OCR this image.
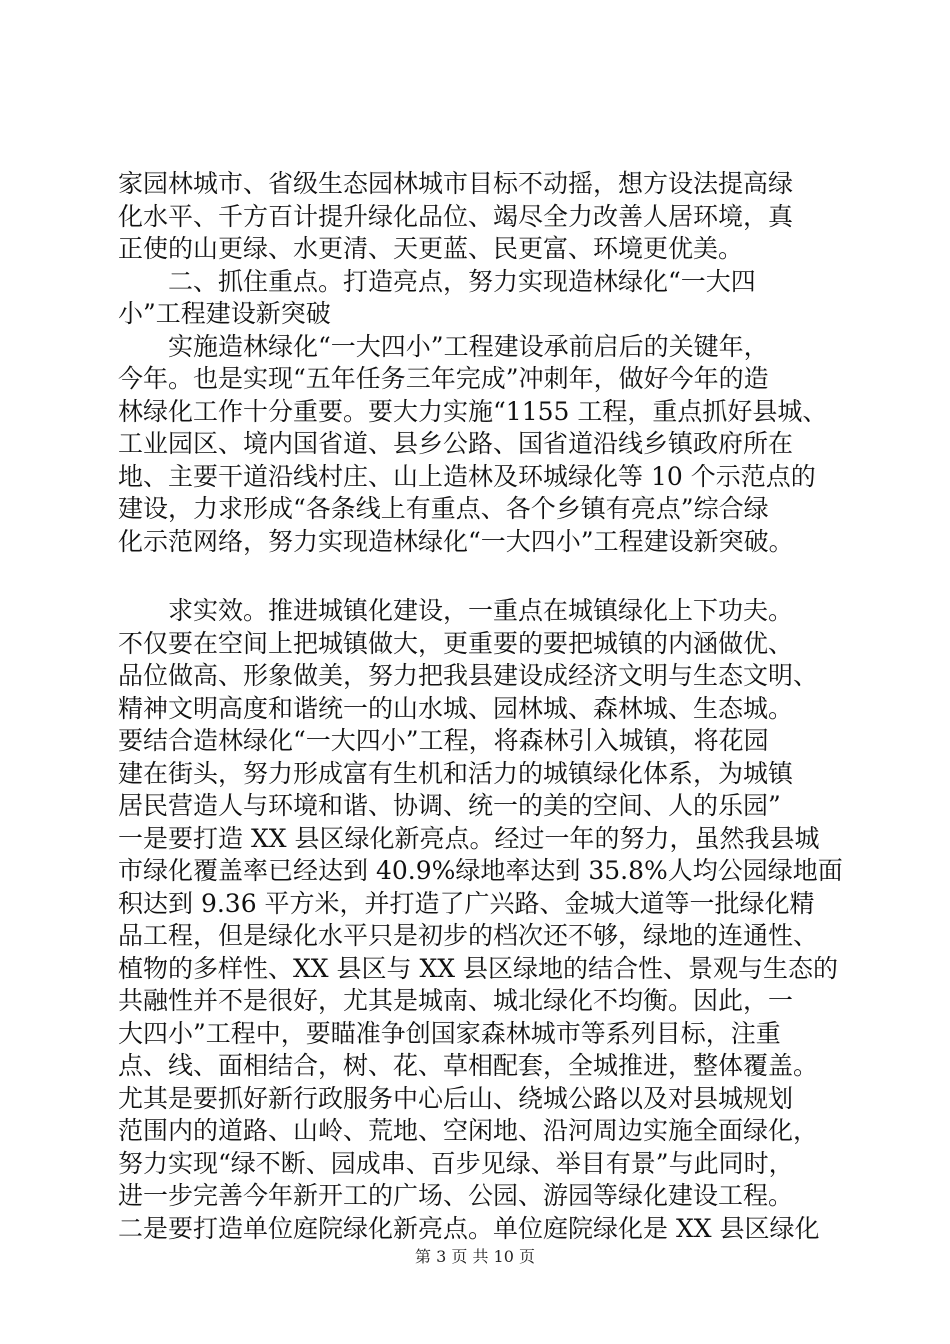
家园林城市、省级生态园林城市目标不动摇，想方设法提高绿
化水平、千方百计提升绿化品位、竭尽全力改善人居环境，真
正使的山更绿、水更清、天更蓝、民更富、环境更优美。
　　二、抓住重点。打造亮点，努力实现造林绿化“一大四
小”工程建设新突破
　　实施造林绿化“一大四小”工程建设承前启后的关键年，
今年。也是实现“五年任务三年完成”冲刺年，做好今年的造
林绿化工作十分重要。要大力实施“1155 工程，重点抓好县城、
工业园区、境内国省道、县乡公路、国省道沿线乡镇政府所在
地、主要干道沿线村庄、山上造林及环城绿化等 10 个示范点的
建设，力求形成“各条线上有重点、各个乡镇有亮点”综合绿
化示范网络，努力实现造林绿化“一大四小”工程建设新突破。
　　求实效。推进城镇化建设，一重点在城镇绿化上下功夫。
不仅要在空间上把城镇做大，更重要的要把城镇的内涵做优、
品位做高、形象做美，努力把我县建设成经济文明与生态文明、
精神文明高度和谐统一的山水城、园林城、森林城、生态城。
要结合造林绿化“一大四小”工程，将森林引入城镇，将花园
建在街头，努力形成富有生机和活力的城镇绿化体系，为城镇
居民营造人与环境和谐、协调、统一的美的空间、人的乐园”
一是要打造 XX 县区绿化新亮点。经过一年的努力，虽然我县城
市绿化覆盖率已经达到 40.9%绿地率达到 35.8%人均公园绿地面
积达到 9.36 平方米，并打造了广兴路、金城大道等一批绿化精
品工程，但是绿化水平只是初步的档次还不够，绿地的连通性、
植物的多样性、XX 县区与 XX 县区绿地的结合性、景观与生态的
共融性并不是很好，尤其是城南、城北绿化不均衡。因此，一
大四小”工程中，要瞄准争创国家森林城市等系列目标，注重
点、线、面相结合，树、花、草相配套，全城推进，整体覆盖。
尤其是要抓好新行政服务中心后山、绕城公路以及对县城规划
范围内的道路、山岭、荒地、空闲地、沿河周边实施全面绿化，
努力实现“绿不断、园成串、百步见绿、举目有景”与此同时，
进一步完善今年新开工的广场、公园、游园等绿化建设工程。
二是要打造单位庭院绿化新亮点。单位庭院绿化是 XX 县区绿化
第 3 页 共 10 页
